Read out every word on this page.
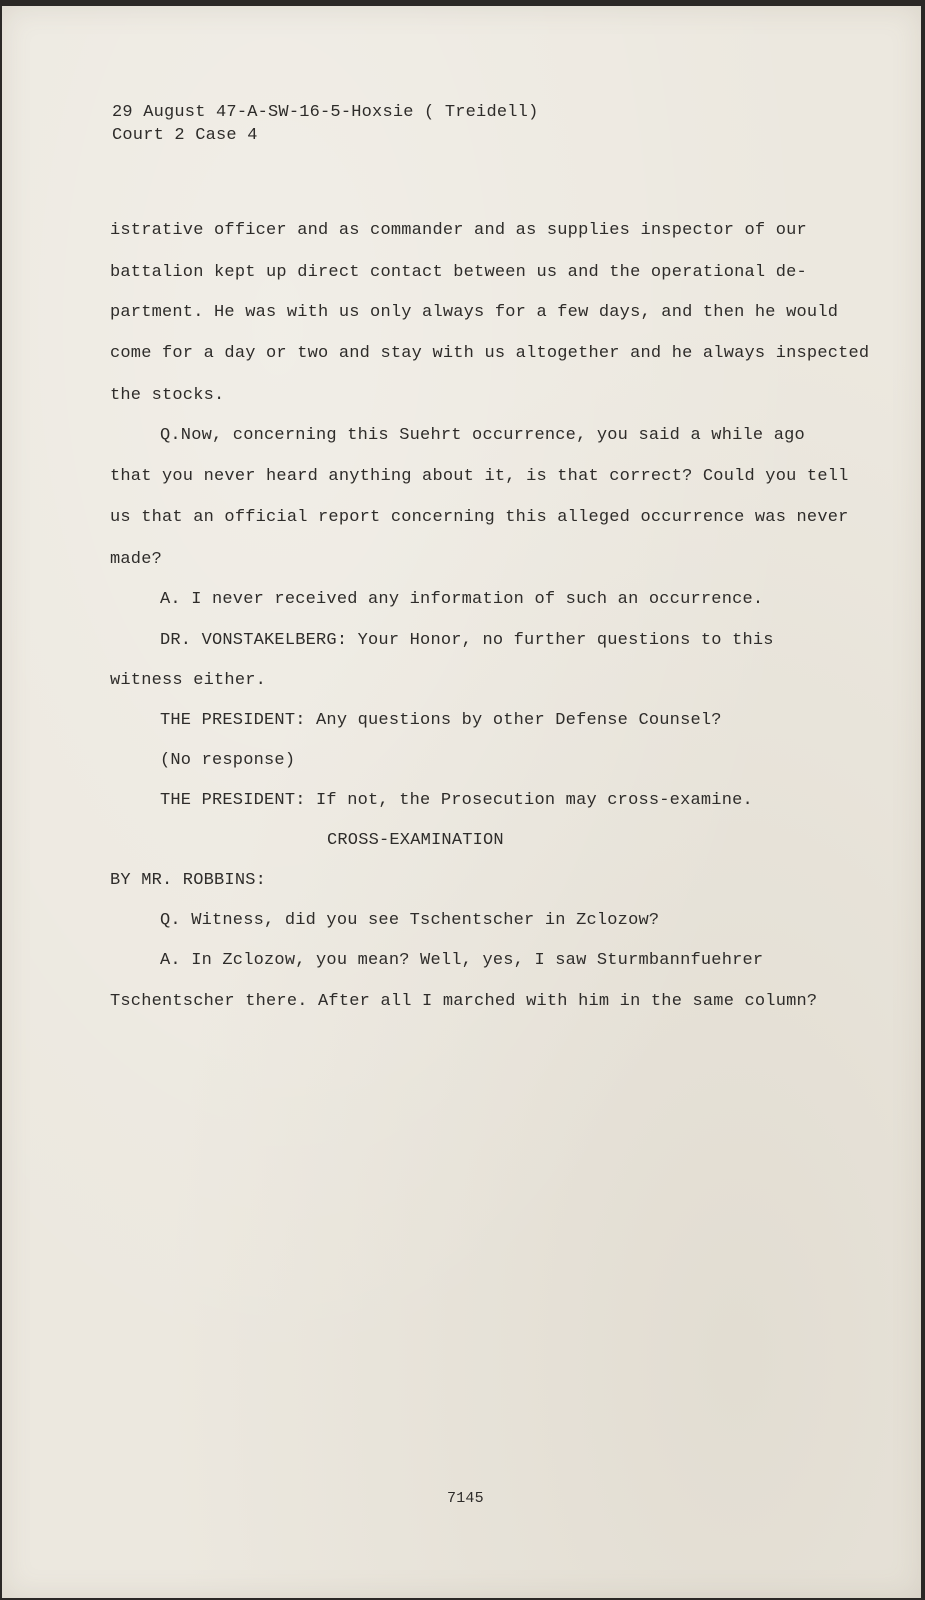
29 August 47-A-SW-16-5-Hoxsie ( Treidell)
Court 2 Case 4
istrative officer and as commander and as supplies inspector of our
battalion kept up direct contact between us and the operational de-
partment. He was with us only always for a few days, and then he would
come for a day or two and stay with us altogether and he always inspected
the stocks.
Q.Now, concerning this Suehrt occurrence, you said a while ago
that you never heard anything about it, is that correct? Could you tell
us that an official report concerning this alleged occurrence was never
made?
A. I never received any information of such an occurrence.
DR. VONSTAKELBERG: Your Honor, no further questions to this
witness either.
THE PRESIDENT: Any questions by other Defense Counsel?
(No response)
THE PRESIDENT: If not, the Prosecution may cross-examine.
CROSS-EXAMINATION
BY MR. ROBBINS:
Q. Witness, did you see Tschentscher in Zclozow?
A. In Zclozow, you mean? Well, yes, I saw Sturmbannfuehrer
Tschentscher there. After all I marched with him in the same column?
7145
